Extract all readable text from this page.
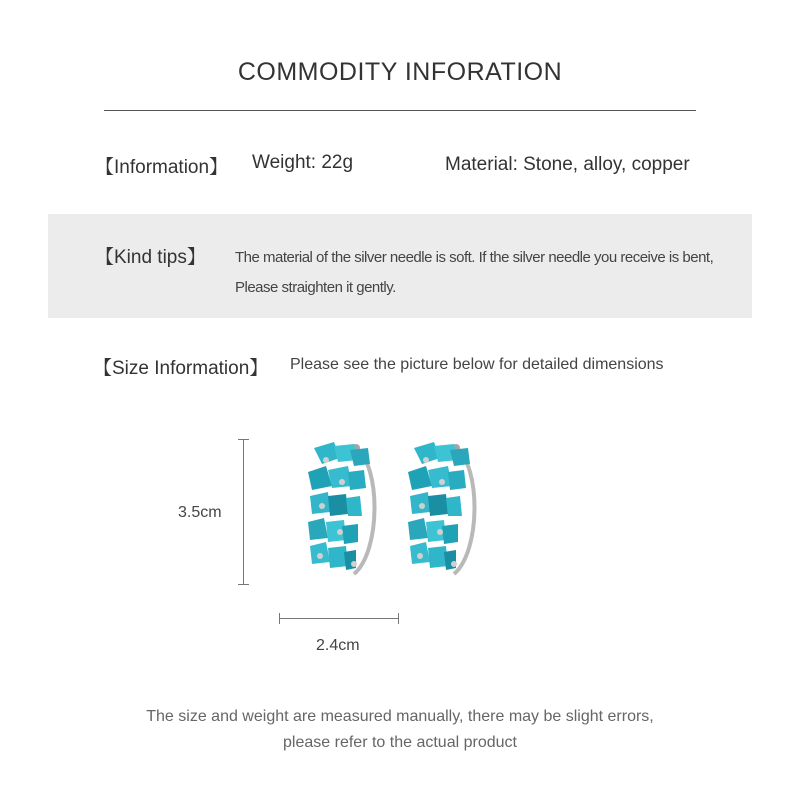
COMMODITY INFORATION
【Information】 Weight: 22g	Material: Stone, alloy, copper
【Kind tips】 The material of the silver needle is soft. If the silver needle you receive is bent,
Please straighten it gently.
【Size Information】 Please see the picture below for detailed dimensions
3.5cm
2.4cm
The size and weight are measured manually, there may be slight errors,
please refer to the actual product
